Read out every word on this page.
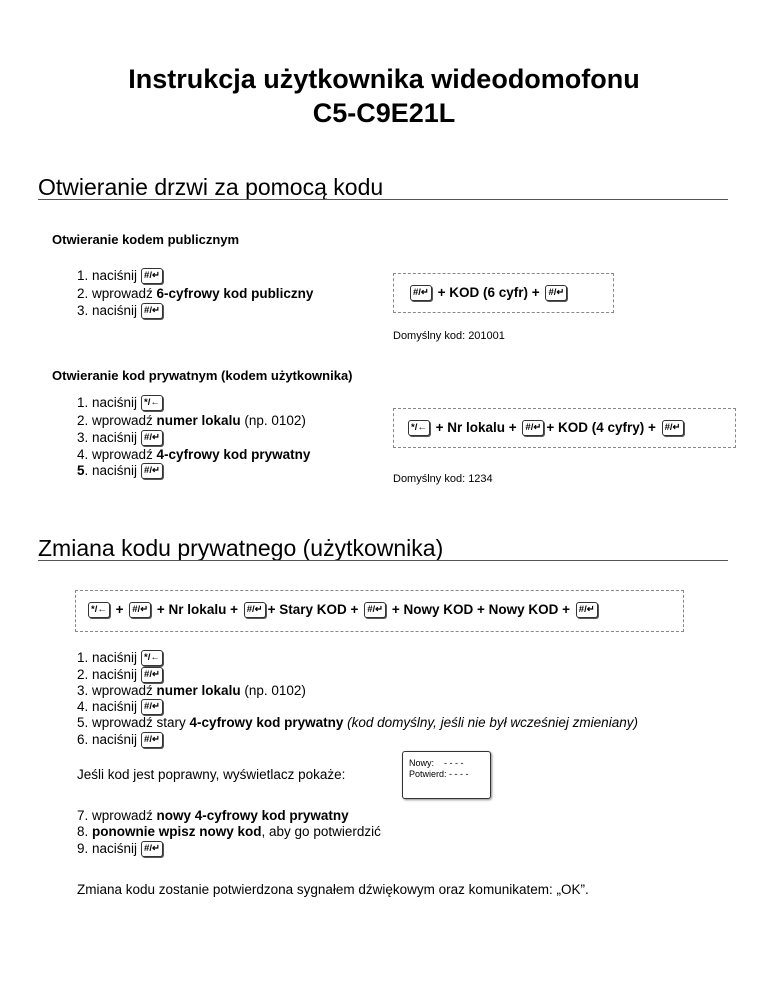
Instrukcja użytkownika wideodomofonu
C5-C9E21L
Otwieranie drzwi za pomocą kodu
Otwieranie kodem publicznym
1. naciśnij #/↵
2. wprowadź 6-cyfrowy kod publiczny
3. naciśnij #/↵
#/↵ + KOD (6 cyfr) + #/↵
Domyślny kod: 201001
Otwieranie kod prywatnym (kodem użytkownika)
1. naciśnij */←
2. wprowadź numer lokalu (np. 0102)
3. naciśnij #/↵
4. wprowadź 4-cyfrowy kod prywatny
5. naciśnij #/↵
*/← + Nr lokalu + #/↵ + KOD (4 cyfry) + #/↵
Domyślny kod: 1234
Zmiana kodu prywatnego (użytkownika)
*/← + #/↵ + Nr lokalu + #/↵ + Stary KOD + #/↵ + Nowy KOD + Nowy KOD + #/↵
1. naciśnij */←
2. naciśnij #/↵
3. wprowadź numer lokalu (np. 0102)
4. naciśnij #/↵
5. wprowadź stary 4-cyfrowy kod prywatny (kod domyślny, jeśli nie był wcześniej zmieniany)
6. naciśnij #/↵
Jeśli kod jest poprawny, wyświetlacz pokaże:
Nowy: - - - -
Potwierd: - - - -
7. wprowadź nowy 4-cyfrowy kod prywatny
8. ponownie wpisz nowy kod, aby go potwierdzić
9. naciśnij #/↵
Zmiana kodu zostanie potwierdzona sygnałem dźwiękowym oraz komunikatem: „OK”.
